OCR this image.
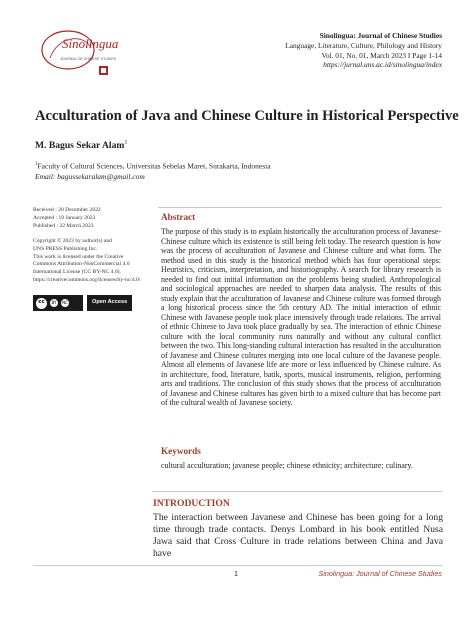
Sinolingua
JOURNAL OF CHINESE STUDIES
Sinolingua: Journal of Chinese Studies
Language, Literature, Culture, Philology and History
Vol. 01, No. 01, March 2023 I Page 1-14
https://jurnal.uns.ac.id/sinolingua/index
Acculturation of Java and Chinese Culture in Historical Perspective
M. Bagus Sekar Alam$^1$
$^1$Faculty of Cultural Sciences, Universitas Sebelas Maret, Surakarta, Indonesia
Email: bagussekaralam@gmail.com
Received : 20 December 2022
Accepted : 19 January 2023
Published : 22 March 2023
Copyright © 2023 by author(s) and
UNS PRESS Publishing Inc.
This work is licensed under the Creative
Commons Attribution-NonCommercial 4.0
International License (CC BY-NC 4.0).
https://creativecommons.org/licenses/by-nc/4.0/
cc	BY	NC	Open Access
Abstract
The purpose of this study is to explain historically the acculturation process of Javanese-Chinese culture which its existence is still being felt today. The research question is how was the process of acculturation of Javanese and Chinese culture and what form. The method used in this study is the historical method which has four operational steps: Heuristics, criticism, interpretation, and historiography. A search for library research is needed to find out initial information on the problems being studied. Anthropological and sociological approaches are needed to sharpen data analysis. The results of this study explain that the acculturation of Javanese and Chinese culture was formed through a long historical process since the 5th century AD. The initial interaction of ethnic Chinese with Javanese people took place intensively through trade relations. The arrival of ethnic Chinese to Java took place gradually by sea. The interaction of ethnic Chinese culture with the local community runs naturally and without any cultural conflict between the two. This long-standing cultural interaction has resulted in the acculturation of Javanese and Chinese cultures merging into one local culture of the Javanese people. Almost all elements of Javanese life are more or less influenced by Chinese culture. As in architecture, food, literature, batik, sports, musical instruments, religion, performing arts and traditions. The conclusion of this study shows that the process of acculturation of Javanese and Chinese cultures has given birth to a mixed culture that has become part of the cultural wealth of Javanese society.
Keywords
cultural acculturation; javanese people; chinese ethnicity; architecture; culinary.
INTRODUCTION
The interaction between Javanese and Chinese has been going for a long time through trade contacts. Denys Lombard in his book entitled Nusa Jawa said that Cross Culture in trade relations between China and Java have
1	Sinolingua: Journal of Chinese Studies
